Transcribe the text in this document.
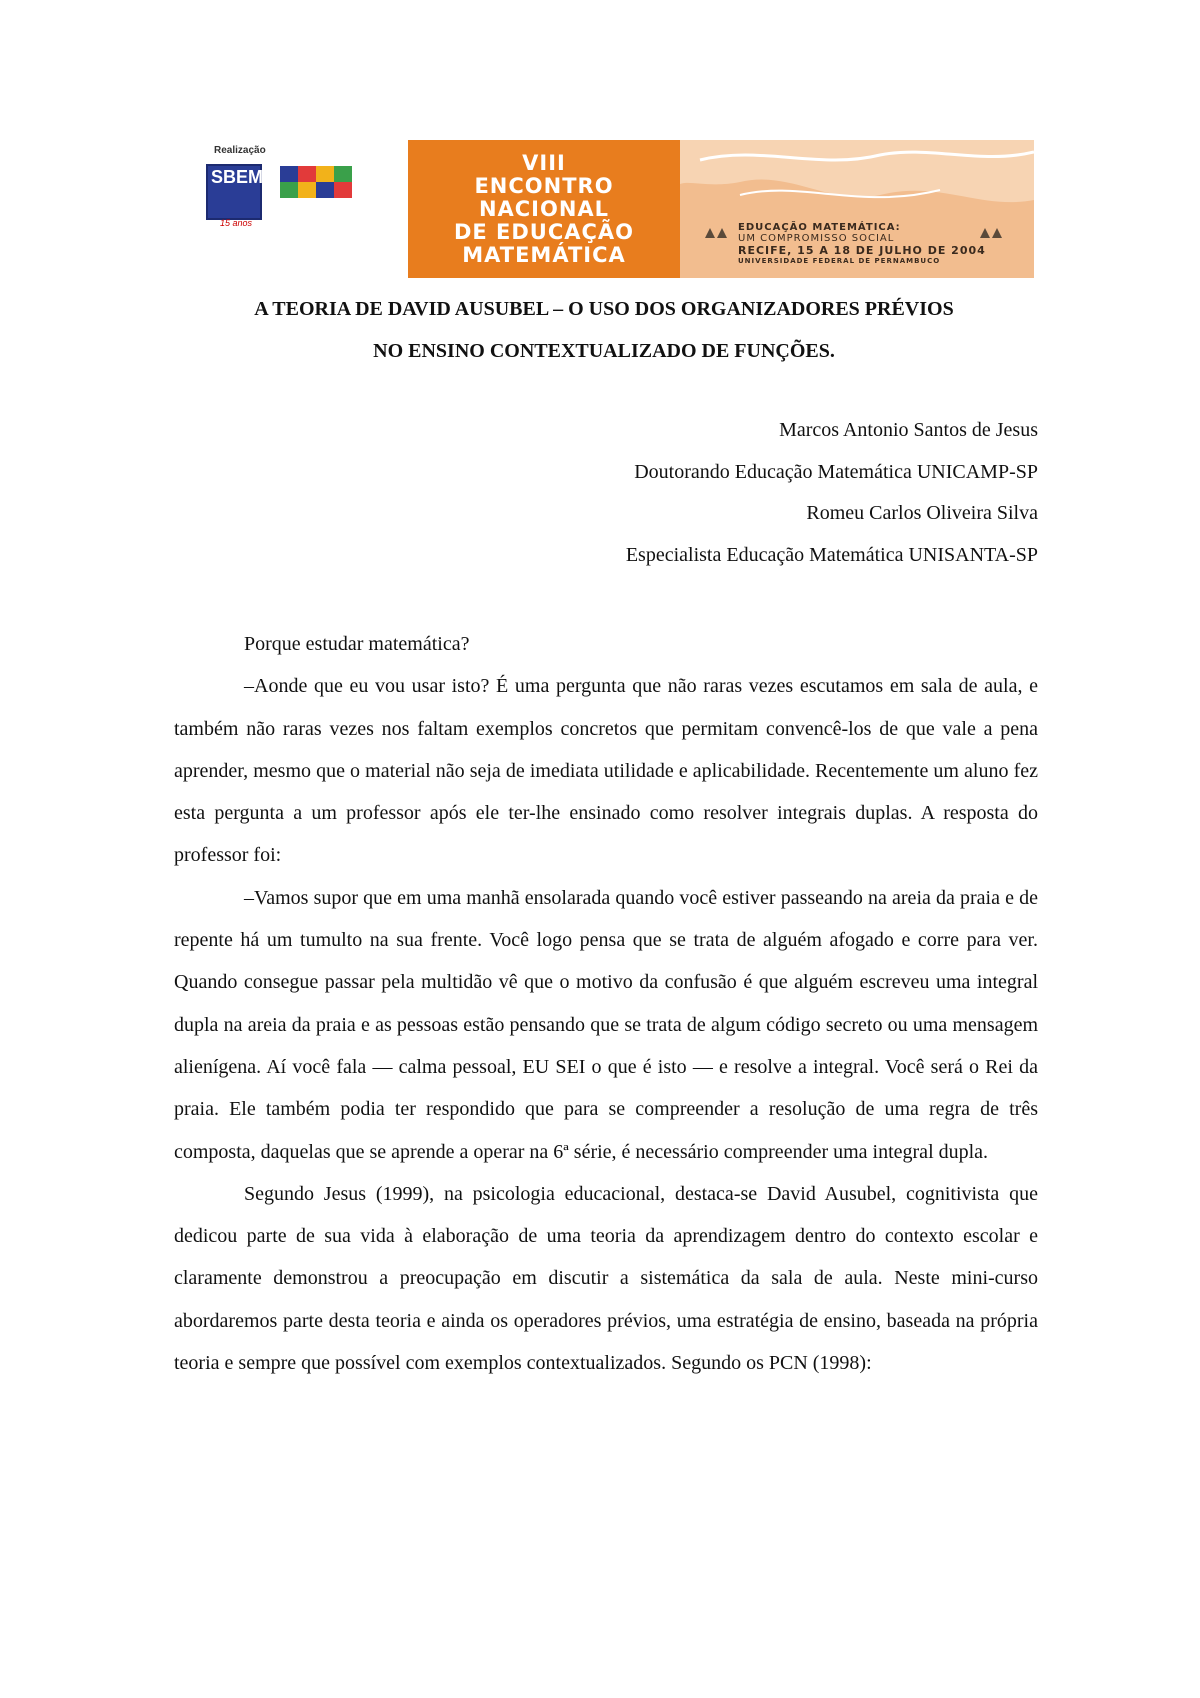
Realização
SBEM
15 anos
VIII
ENCONTRO
NACIONAL
DE EDUCAÇÃO
MATEMÁTICA
EDUCAÇÃO MATEMÁTICA:
UM COMPROMISSO SOCIAL
RECIFE, 15 A 18 DE JULHO DE 2004
UNIVERSIDADE FEDERAL DE PERNAMBUCO
A TEORIA DE DAVID AUSUBEL – O USO DOS ORGANIZADORES PRÉVIOS
NO ENSINO CONTEXTUALIZADO DE FUNÇÕES.
Marcos Antonio Santos de Jesus
Doutorando Educação Matemática UNICAMP-SP
Romeu Carlos Oliveira Silva
Especialista Educação Matemática UNISANTA-SP

Porque estudar matemática?

–Aonde que eu vou usar isto? É uma pergunta que não raras vezes escutamos em sala de aula, e também não raras vezes nos faltam exemplos concretos que permitam convencê-los de que vale a pena aprender, mesmo que o material não seja de imediata utilidade e aplicabilidade. Recentemente um aluno fez esta pergunta a um professor após ele ter-lhe ensinado como resolver integrais duplas. A resposta do professor foi:

–Vamos supor que em uma manhã ensolarada quando você estiver passeando na areia da praia e de repente há um tumulto na sua frente. Você logo pensa que se trata de alguém afogado e corre para ver. Quando consegue passar pela multidão vê que o motivo da confusão é que alguém escreveu uma integral dupla na areia da praia e as pessoas estão pensando que se trata de algum código secreto ou uma mensagem alienígena. Aí você fala — calma pessoal, EU SEI o que é isto — e resolve a integral. Você será o Rei da praia. Ele também podia ter respondido que para se compreender a resolução de uma regra de três composta, daquelas que se aprende a operar na 6ª série, é necessário compreender uma integral dupla.

Segundo Jesus (1999), na psicologia educacional, destaca-se David Ausubel, cognitivista que dedicou parte de sua vida à elaboração de uma teoria da aprendizagem dentro do contexto escolar e claramente demonstrou a preocupação em discutir a sistemática da sala de aula. Neste mini-curso abordaremos parte desta teoria e ainda os operadores prévios, uma estratégia de ensino, baseada na própria teoria e sempre que possível com exemplos contextualizados. Segundo os PCN (1998):
